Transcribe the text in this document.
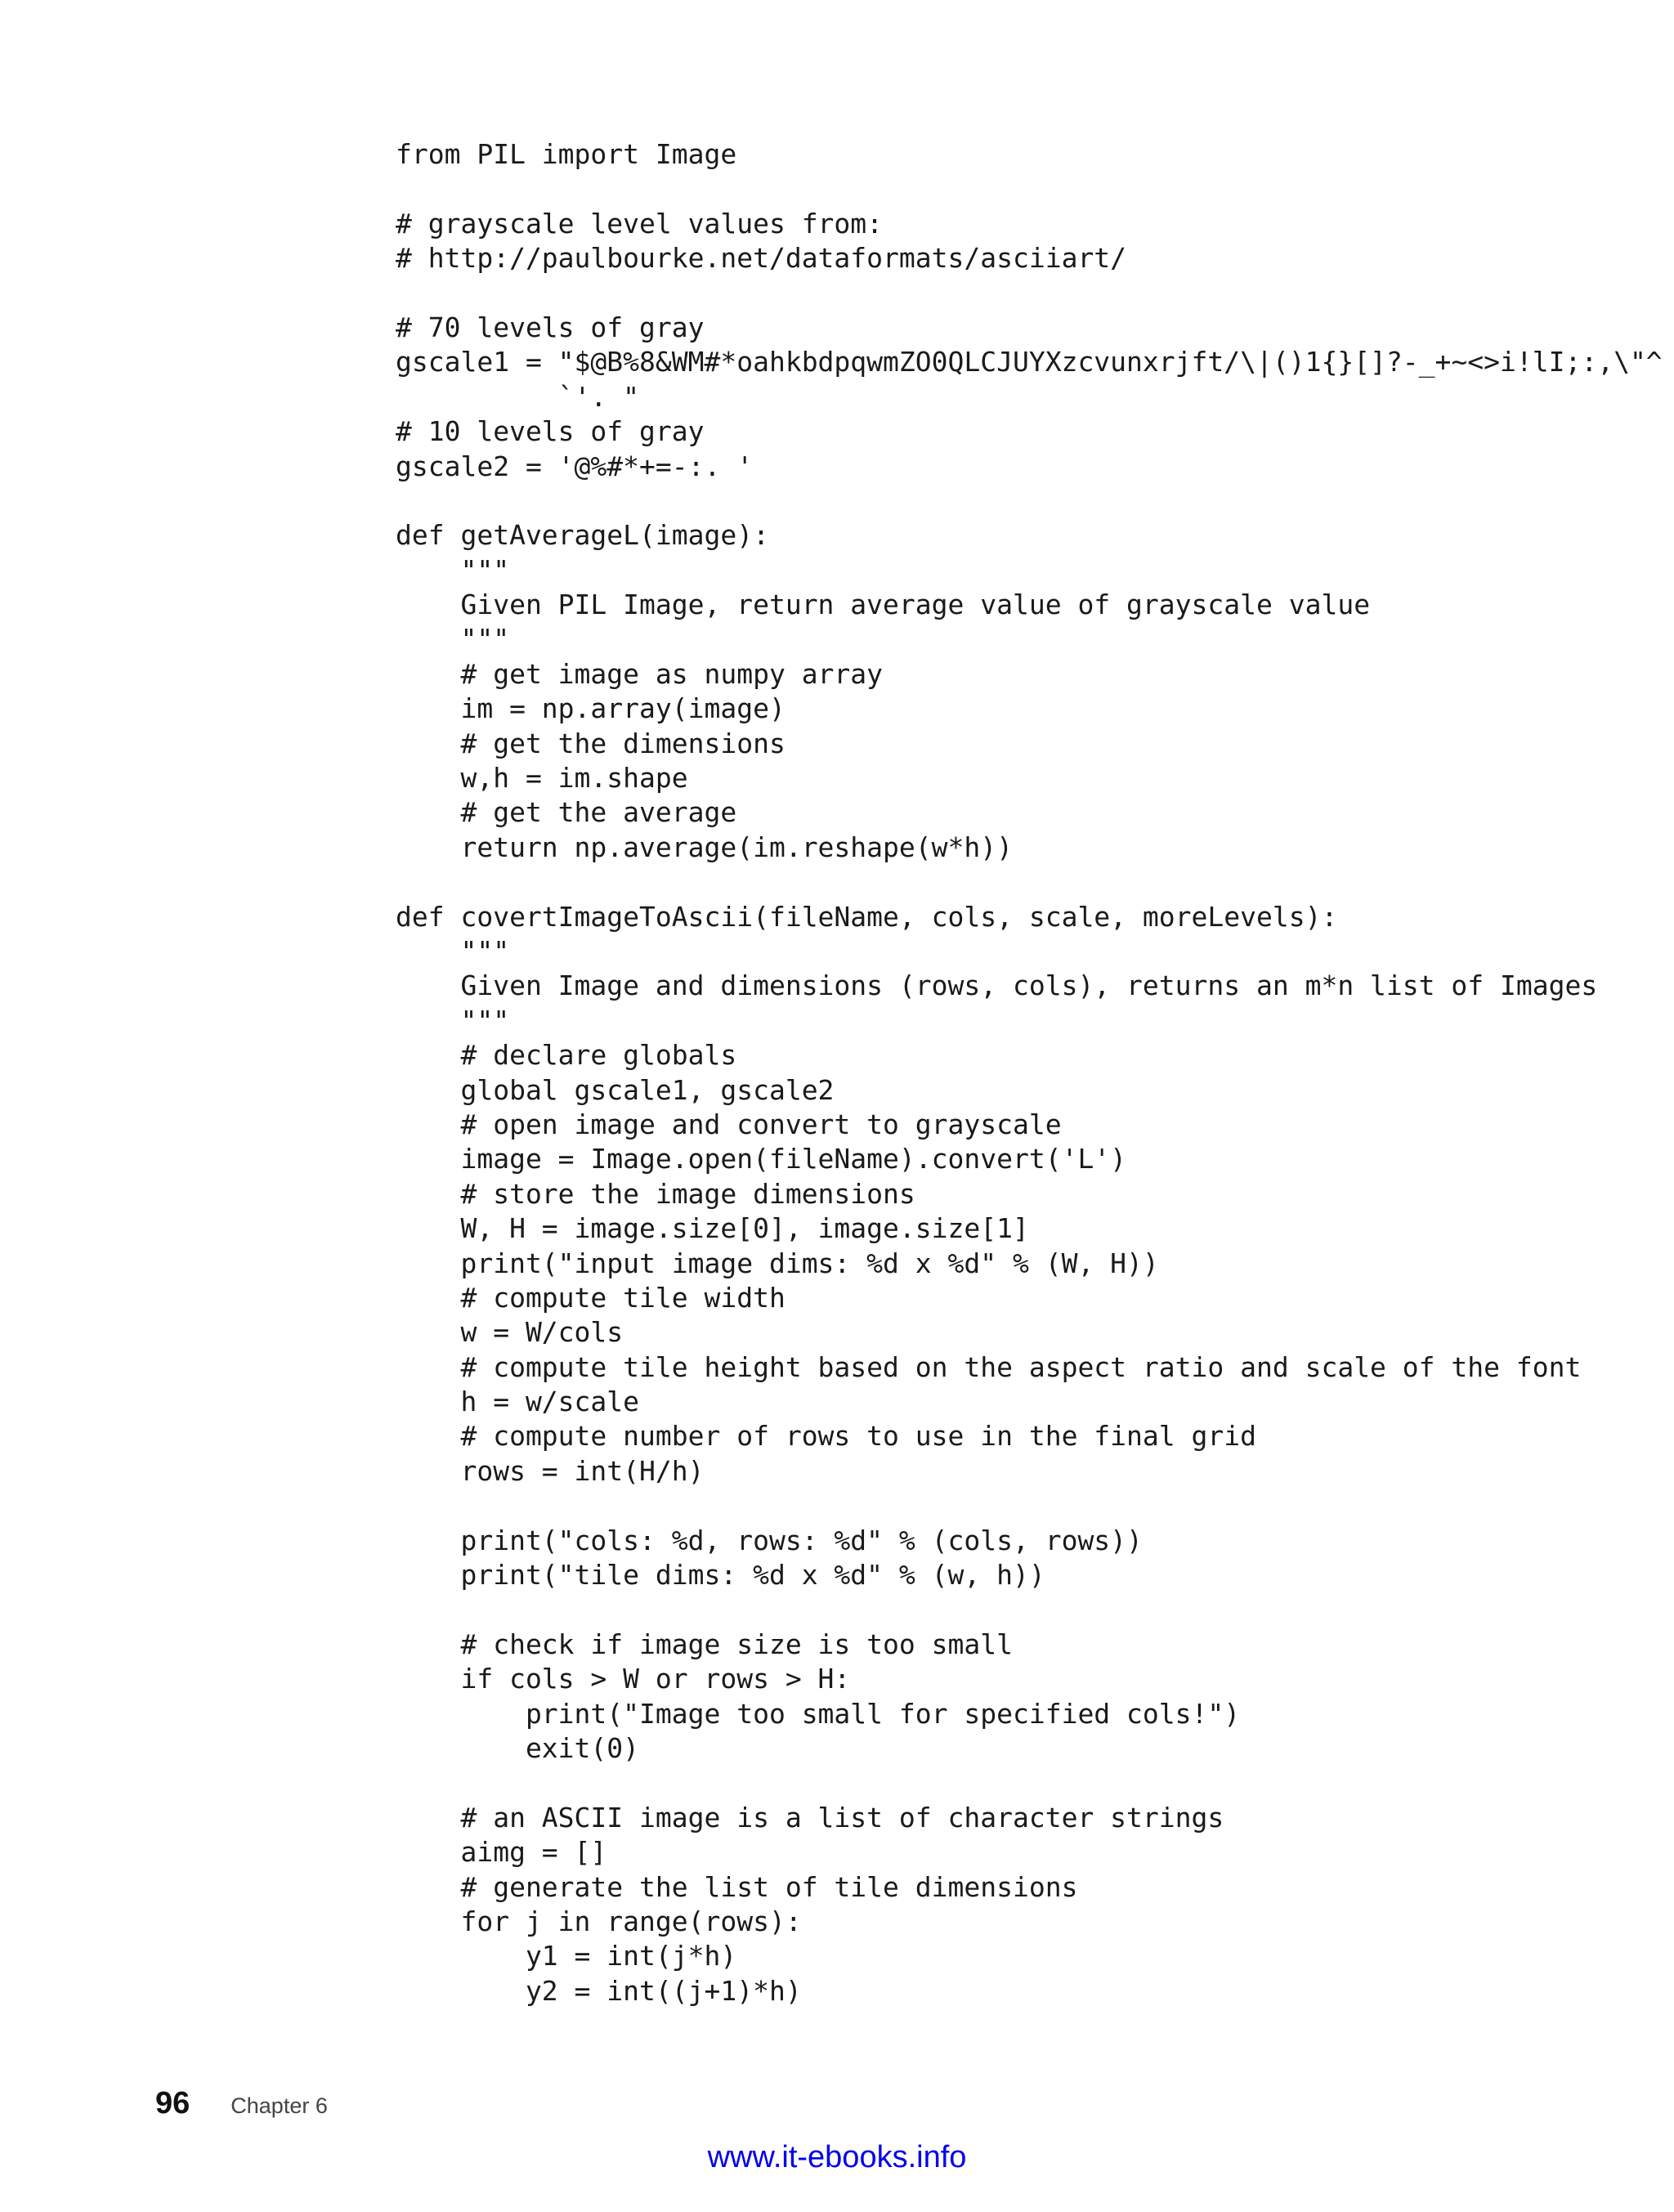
from PIL import Image
# grayscale level values from:
# http://paulbourke.net/dataformats/asciiart/
# 70 levels of gray
gscale1 = "$@B%8&WM#*oahkbdpqwmZO0QLCJUYXzcvunxrjft/\|()1{}[]?-_+~<>i!lI;:,\"^
`'. "
# 10 levels of gray
gscale2 = '@%#*+=-:. '
def getAverageL(image):
"""
Given PIL Image, return average value of grayscale value
"""
# get image as numpy array
im = np.array(image)
# get the dimensions
w,h = im.shape
# get the average
return np.average(im.reshape(w*h))
def covertImageToAscii(fileName, cols, scale, moreLevels):
"""
Given Image and dimensions (rows, cols), returns an m*n list of Images
"""
# declare globals
global gscale1, gscale2
# open image and convert to grayscale
image = Image.open(fileName).convert('L')
# store the image dimensions
W, H = image.size[0], image.size[1]
print("input image dims: %d x %d" % (W, H))
# compute tile width
w = W/cols
# compute tile height based on the aspect ratio and scale of the font
h = w/scale
# compute number of rows to use in the final grid
rows = int(H/h)
print("cols: %d, rows: %d" % (cols, rows))
print("tile dims: %d x %d" % (w, h))
# check if image size is too small
if cols > W or rows > H:
print("Image too small for specified cols!")
exit(0)
# an ASCII image is a list of character strings
aimg = []
# generate the list of tile dimensions
for j in range(rows):
y1 = int(j*h)
y2 = int((j+1)*h)
96 Chapter 6
www.it-ebooks.info
